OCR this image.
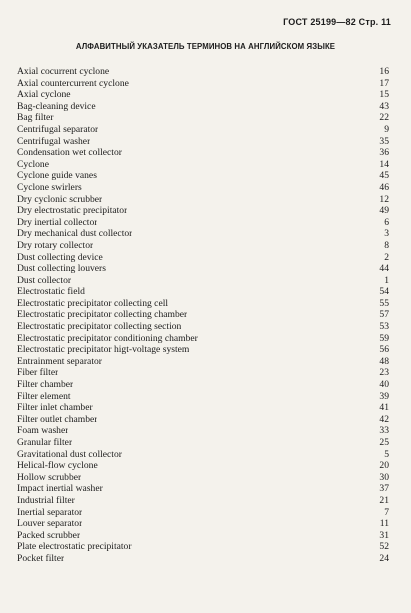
ГОСТ 25199—82 Стр. 11
АЛФАВИТНЫЙ УКАЗАТЕЛЬ ТЕРМИНОВ НА АНГЛИЙСКОМ ЯЗЫКЕ
Axial cocurrent cyclone	16
Axial countercurrent cyclone	17
Axial cyclone	15
Bag-cleaning device	43
Bag filter	22
Centrifugal separator	9
Centrifugal washer	35
Condensation wet collector	36
Cyclone	14
Cyclone guide vanes	45
Cyclone swirlers	46
Dry cyclonic scrubber	12
Dry electrostatic precipitator	49
Dry inertial collector	6
Dry mechanical dust collector	3
Dry rotary collector	8
Dust collecting device	2
Dust collecting louvers	44
Dust collector	1
Electrostatic field	54
Electrostatic precipitator collecting cell	55
Electrostatic precipitator collecting chamber	57
Electrostatic precipitator collecting section	53
Electrostatic precipitator conditioning chamber	59
Electrostatic precipitator higt-voltage system	56
Entrainment separator	48
Fiber filter	23
Filter chamber	40
Filter element	39
Filter inlet chamber	41
Filter outlet chamber	42
Foam washer	33
Granular filter	25
Gravitational dust collector	5
Helical-flow cyclone	20
Hollow scrubber	30
Impact inertial washer	37
Industrial filter	21
Inertial separator	7
Louver separator	11
Packed scrubber	31
Plate electrostatic precipitator	52
Pocket filter	24
